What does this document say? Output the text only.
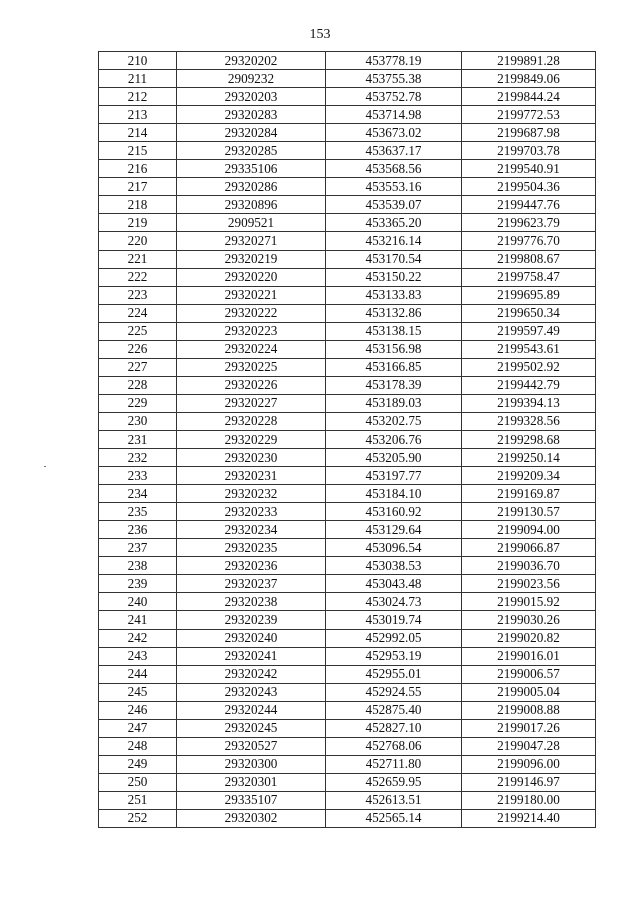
153
210	29320202	453778.19	2199891.28
211	2909232	453755.38	2199849.06
212	29320203	453752.78	2199844.24
213	29320283	453714.98	2199772.53
214	29320284	453673.02	2199687.98
215	29320285	453637.17	2199703.78
216	29335106	453568.56	2199540.91
217	29320286	453553.16	2199504.36
218	29320896	453539.07	2199447.76
219	2909521	453365.20	2199623.79
220	29320271	453216.14	2199776.70
221	29320219	453170.54	2199808.67
222	29320220	453150.22	2199758.47
223	29320221	453133.83	2199695.89
224	29320222	453132.86	2199650.34
225	29320223	453138.15	2199597.49
226	29320224	453156.98	2199543.61
227	29320225	453166.85	2199502.92
228	29320226	453178.39	2199442.79
229	29320227	453189.03	2199394.13
230	29320228	453202.75	2199328.56
231	29320229	453206.76	2199298.68
232	29320230	453205.90	2199250.14
233	29320231	453197.77	2199209.34
234	29320232	453184.10	2199169.87
235	29320233	453160.92	2199130.57
236	29320234	453129.64	2199094.00
237	29320235	453096.54	2199066.87
238	29320236	453038.53	2199036.70
239	29320237	453043.48	2199023.56
240	29320238	453024.73	2199015.92
241	29320239	453019.74	2199030.26
242	29320240	452992.05	2199020.82
243	29320241	452953.19	2199016.01
244	29320242	452955.01	2199006.57
245	29320243	452924.55	2199005.04
246	29320244	452875.40	2199008.88
247	29320245	452827.10	2199017.26
248	29320527	452768.06	2199047.28
249	29320300	452711.80	2199096.00
250	29320301	452659.95	2199146.97
251	29335107	452613.51	2199180.00
252	29320302	452565.14	2199214.40
